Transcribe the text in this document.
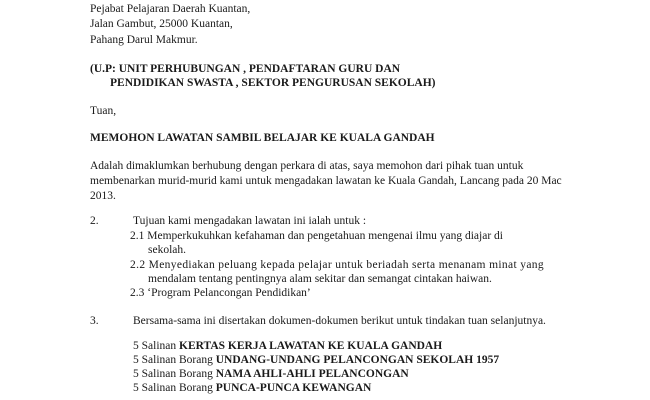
Pejabat Pelajaran Daerah Kuantan,
Jalan Gambut, 25000 Kuantan,
Pahang Darul Makmur.
(U.P: UNIT PERHUBUNGAN , PENDAFTARAN GURU DAN
PENDIDIKAN SWASTA , SEKTOR PENGURUSAN SEKOLAH)
Tuan,
MEMOHON LAWATAN SAMBIL BELAJAR KE KUALA GANDAH
Adalah dimaklumkan berhubung dengan perkara di atas, saya memohon dari pihak tuan untuk
membenarkan murid-murid kami untuk mengadakan lawatan ke Kuala Gandah, Lancang pada 20 Mac
2013.
2.	Tujuan kami mengadakan lawatan ini ialah untuk :
2.1 Memperkukuhkan kefahaman dan pengetahuan mengenai ilmu yang diajar di
sekolah.
2.2 Menyediakan peluang kepada pelajar untuk beriadah serta menanam minat yang
mendalam tentang pentingnya alam sekitar dan semangat cintakan haiwan.
2.3 ‘Program Pelancongan Pendidikan’
3.	Bersama-sama ini disertakan dokumen-dokumen berikut untuk tindakan tuan selanjutnya.
5 Salinan KERTAS KERJA LAWATAN KE KUALA GANDAH
5 Salinan Borang UNDANG-UNDANG PELANCONGAN SEKOLAH 1957
5 Salinan Borang NAMA AHLI-AHLI PELANCONGAN
5 Salinan Borang PUNCA-PUNCA KEWANGAN
